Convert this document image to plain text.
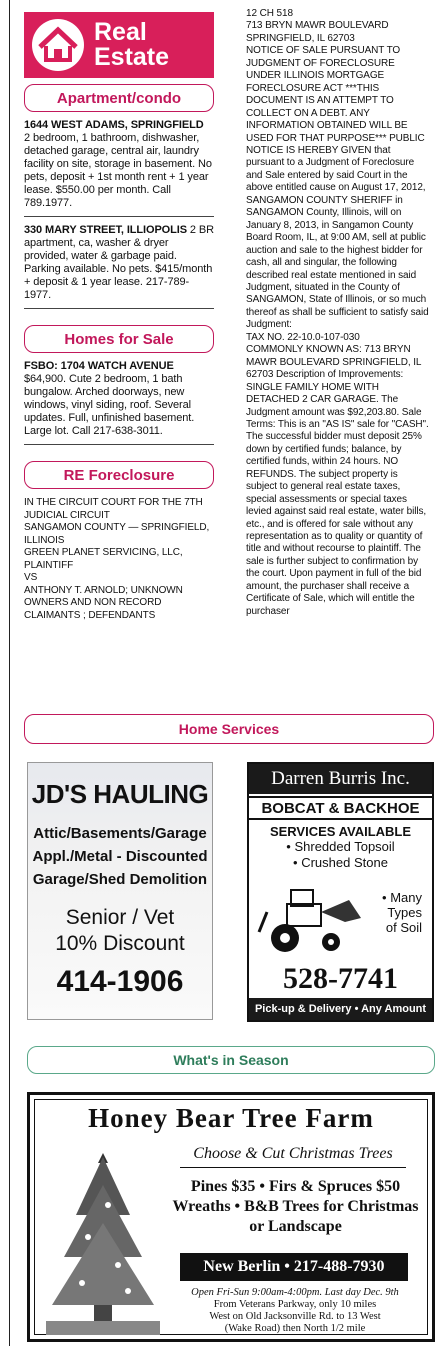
Real
Estate
Apartment/condo

1644 WEST ADAMS, SPRINGFIELD
2 bedroom, 1 bathroom, dishwasher, detached garage, central air, laundry facility on site, storage in basement. No pets, deposit + 1st month rent + 1 year lease. $550.00 per month. Call 789.1977.

330 MARY STREET, ILLIOPOLIS 2 BR apartment, ca, washer & dryer provided, water & garbage paid. Parking available. No pets. $415/month + deposit & 1 year lease. 217-789-1977.

Homes for Sale

FSBO: 1704 WATCH AVENUE $64,900. Cute 2 bedroom, 1 bath bungalow. Arched doorways, new windows, vinyl siding, roof. Several updates. Full, unfinished basement. Large lot. Call 217-638-3011.

RE Foreclosure

IN THE CIRCUIT COURT FOR THE 7TH JUDICIAL CIRCUIT
SANGAMON COUNTY — SPRINGFIELD, ILLINOIS
GREEN PLANET SERVICING, LLC, PLAINTIFF
VS
ANTHONY T. ARNOLD; UNKNOWN OWNERS AND NON RECORD CLAIMANTS ; DEFENDANTS

12 CH 518
713 BRYN MAWR BOULEVARD SPRINGFIELD, IL 62703
NOTICE OF SALE PURSUANT TO JUDGMENT OF FORECLOSURE UNDER ILLINOIS MORTGAGE FORECLOSURE ACT ***THIS DOCUMENT IS AN ATTEMPT TO COLLECT ON A DEBT. ANY INFORMATION OBTAINED WILL BE USED FOR THAT PURPOSE*** PUBLIC NOTICE IS HEREBY GIVEN that pursuant to a Judgment of Foreclosure and Sale entered by said Court in the above entitled cause on August 17, 2012, SANGAMON COUNTY SHERIFF in SANGAMON County, Illinois, will on January 8, 2013, in Sangamon County Board Room, IL, at 9:00 AM, sell at public auction and sale to the highest bidder for cash, all and singular, the following described real estate mentioned in said Judgment, situated in the County of SANGAMON, State of Illinois, or so much thereof as shall be sufficient to satisfy said Judgment:
TAX NO. 22-10.0-107-030
COMMONLY KNOWN AS: 713 BRYN MAWR BOULEVARD SPRINGFIELD, IL 62703 Description of Improvements: SINGLE FAMILY HOME WITH DETACHED 2 CAR GARAGE. The Judgment amount was $92,203.80. Sale Terms: This is an "AS IS" sale for "CASH". The successful bidder must deposit 25% down by certified funds; balance, by certified funds, within 24 hours. NO REFUNDS. The subject property is subject to general real estate taxes, special assessments or special taxes levied against said real estate, water bills, etc., and is offered for sale without any representation as to quality or quantity of title and without recourse to plaintiff. The sale is further subject to confirmation by the court. Upon payment in full of the bid amount, the purchaser shall receive a Certificate of Sale, which will entitle the purchaser

Home Services
JD'S HAULING
Attic/Basements/Garage
Appl./Metal - Discounted
Garage/Shed Demolition
Senior / Vet
10% Discount
414-1906
Darren Burris Inc.
BOBCAT & BACKHOE
SERVICES AVAILABLE
• Shredded Topsoil
• Crushed Stone
• Many
Types
of Soil
528-7741
Pick-up & Delivery • Any Amount
What's in Season
Honey Bear Tree Farm
Choose & Cut Christmas Trees
Pines $35 • Firs & Spruces $50
Wreaths • B&B Trees for Christmas
or Landscape
New Berlin • 217-488-7930
Open Fri-Sun 9:00am-4:00pm. Last day Dec. 9th
From Veterans Parkway, only 10 miles
West on Old Jacksonville Rd. to 13 West
(Wake Road) then North 1/2 mile
